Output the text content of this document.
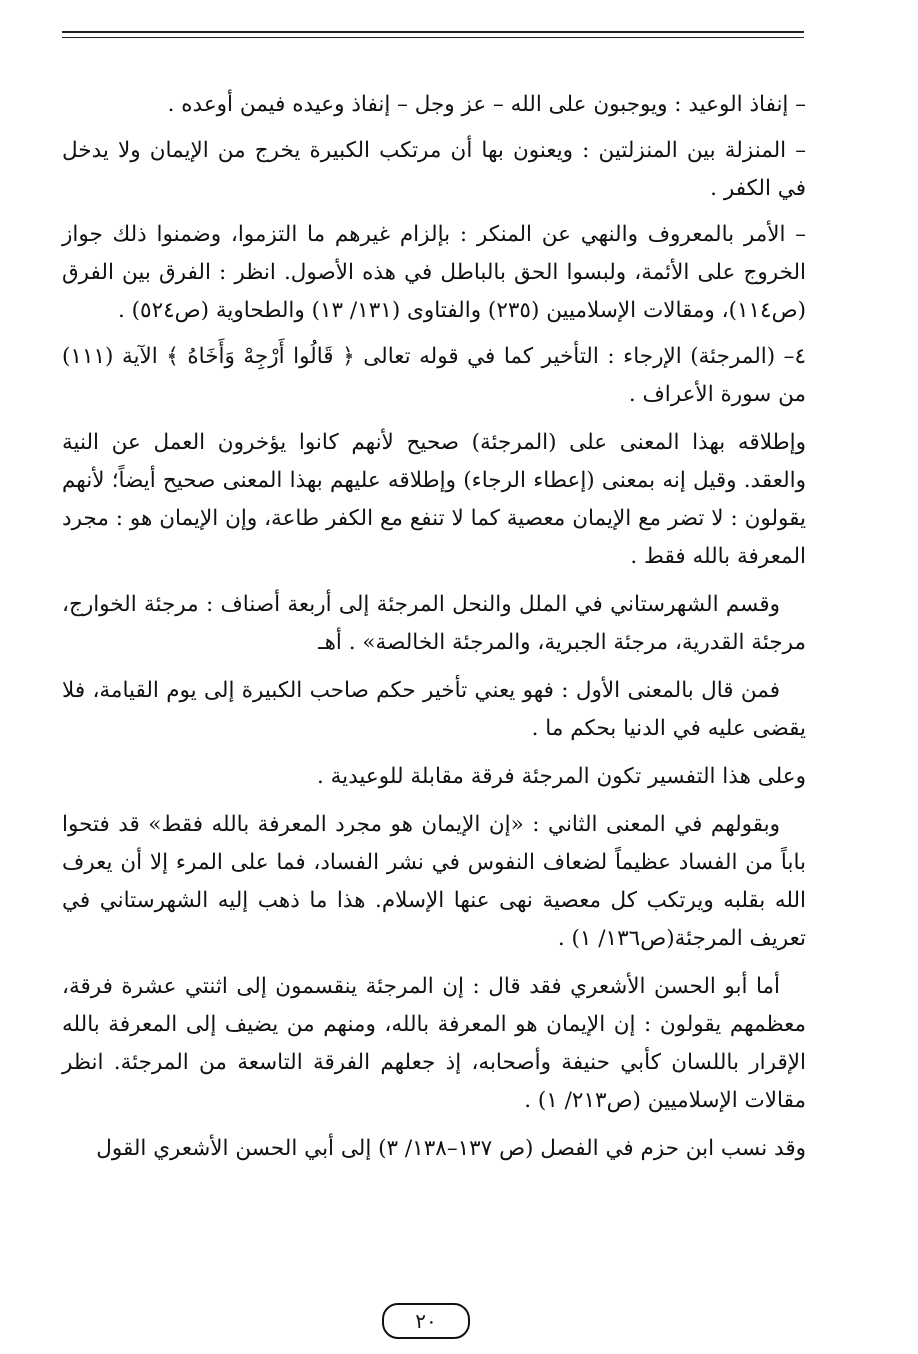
– إنفاذ الوعيد : ويوجبون على الله – عز وجل – إنفاذ وعيده فيمن أوعده .

– المنزلة بين المنزلتين : ويعنون بها أن مرتكب الكبيرة يخرج من الإيمان ولا يدخل في الكفر .

– الأمر بالمعروف والنهي عن المنكر : بإلزام غيرهم ما التزموا، وضمنوا ذلك جواز الخروج على الأئمة، ولبسوا الحق بالباطل في هذه الأصول. انظر : الفرق بين الفرق (ص١١٤)، ومقالات الإسلاميين (٢٣٥) والفتاوى (١٣١/ ١٣) والطحاوية (ص٥٢٤) .

٤– (المرجئة) الإرجاء : التأخير كما في قوله تعالى ﴿ قَالُوا أَرْجِهْ وَأَخَاهُ ﴾ الآية (١١١) من سورة الأعراف .

وإطلاقه بهذا المعنى على (المرجئة) صحيح لأنهم كانوا يؤخرون العمل عن النية والعقد. وقيل إنه بمعنى (إعطاء الرجاء) وإطلاقه عليهم بهذا المعنى صحيح أيضاً؛ لأنهم يقولون : لا تضر مع الإيمان معصية كما لا تنفع مع الكفر طاعة، وإن الإيمان هو : مجرد المعرفة بالله فقط .

وقسم الشهرستاني في الملل والنحل المرجئة إلى أربعة أصناف : مرجئة الخوارج، مرجئة القدرية، مرجئة الجبرية، والمرجئة الخالصة» . أهـ

فمن قال بالمعنى الأول : فهو يعني تأخير حكم صاحب الكبيرة إلى يوم القيامة، فلا يقضى عليه في الدنيا بحكم ما .

وعلى هذا التفسير تكون المرجئة فرقة مقابلة للوعيدية .

وبقولهم في المعنى الثاني : «إن الإيمان هو مجرد المعرفة بالله فقط» قد فتحوا باباً من الفساد عظيماً لضعاف النفوس في نشر الفساد، فما على المرء إلا أن يعرف الله بقلبه ويرتكب كل معصية نهى عنها الإسلام. هذا ما ذهب إليه الشهرستاني في تعريف المرجئة(ص١٣٦/ ١) .

أما أبو الحسن الأشعري فقد قال : إن المرجئة ينقسمون إلى اثنتي عشرة فرقة، معظمهم يقولون : إن الإيمان هو المعرفة بالله، ومنهم من يضيف إلى المعرفة بالله الإقرار باللسان كأبي حنيفة وأصحابه، إذ جعلهم الفرقة التاسعة من المرجئة. انظر مقالات الإسلاميين (ص٢١٣/ ١) .

وقد نسب ابن حزم في الفصل (ص ١٣٧–١٣٨/ ٣) إلى أبي الحسن الأشعري القول

٢٠
